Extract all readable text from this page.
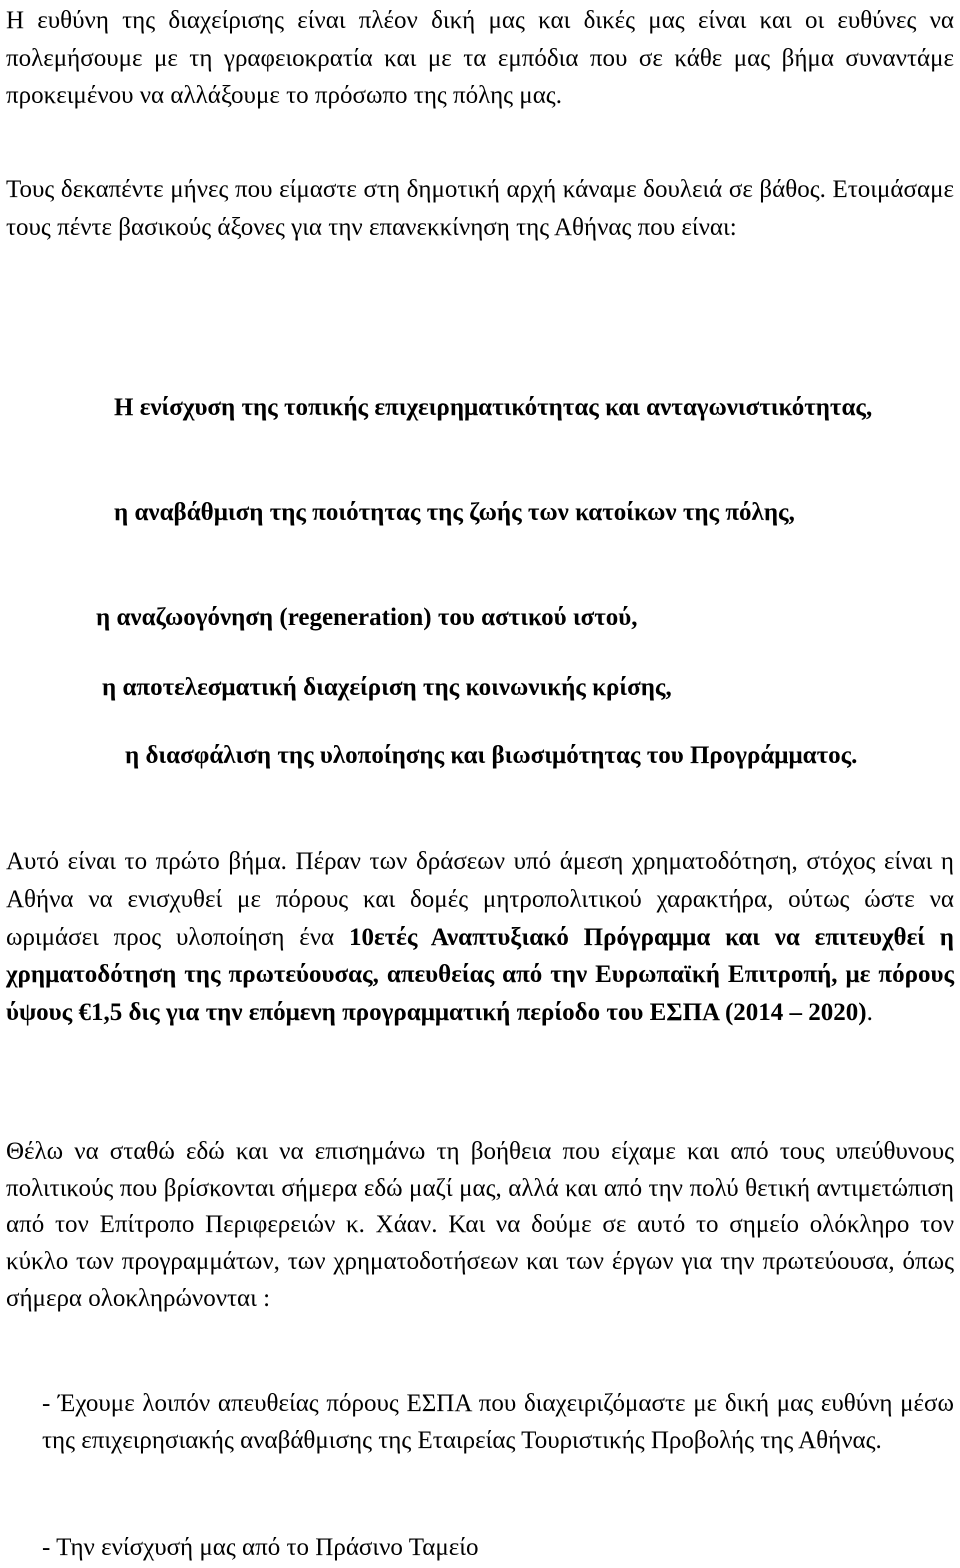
Η ευθύνη της διαχείρισης είναι πλέον δική μας και δικές μας είναι και οι ευθύνες να πολεμήσουμε με τη γραφειοκρατία και με τα εμπόδια που σε κάθε μας βήμα συναντάμε προκειμένου να αλλάξουμε το πρόσωπο της πόλης μας.

Τους δεκαπέντε μήνες που είμαστε στη δημοτική αρχή κάναμε δουλειά σε βάθος. Ετοιμάσαμε τους πέντε βασικούς άξονες για την επανεκκίνηση της Αθήνας που είναι:

Η ενίσχυση της τοπικής επιχειρηματικότητας και ανταγωνιστικότητας,

η αναβάθμιση της ποιότητας της ζωής των κατοίκων της πόλης,

η αναζωογόνηση (regeneration) του αστικού ιστού,

η αποτελεσματική διαχείριση της κοινωνικής κρίσης,

η διασφάλιση της υλοποίησης και βιωσιμότητας του Προγράμματος.

Αυτό είναι το πρώτο βήμα. Πέραν των δράσεων υπό άμεση χρηματοδότηση, στόχος είναι η Αθήνα να ενισχυθεί με πόρους και δομές μητροπολιτικού χαρακτήρα, ούτως ώστε να ωριμάσει προς υλοποίηση ένα 10ετές Αναπτυξιακό Πρόγραμμα και να επιτευχθεί η χρηματοδότηση της πρωτεύουσας, απευθείας από την Ευρωπαϊκή Επιτροπή, με πόρους ύψους €1,5 δις για την επόμενη προγραμματική περίοδο του ΕΣΠΑ (2014 – 2020).

Θέλω να σταθώ εδώ και να επισημάνω τη βοήθεια που είχαμε και από τους υπεύθυνους πολιτικούς που βρίσκονται σήμερα εδώ μαζί μας, αλλά και από την πολύ θετική αντιμετώπιση από τον Επίτροπο Περιφερειών κ. Χάαν. Και να δούμε σε αυτό το σημείο ολόκληρο τον κύκλο των προγραμμάτων, των χρηματοδοτήσεων και των έργων για την πρωτεύουσα, όπως σήμερα ολοκληρώνονται :

- Έχουμε λοιπόν απευθείας πόρους ΕΣΠΑ που διαχειριζόμαστε με δική μας ευθύνη μέσω της επιχειρησιακής αναβάθμισης της Εταιρείας Τουριστικής Προβολής της Αθήνας.

- Την ενίσχυσή μας από το Πράσινο Ταμείο
